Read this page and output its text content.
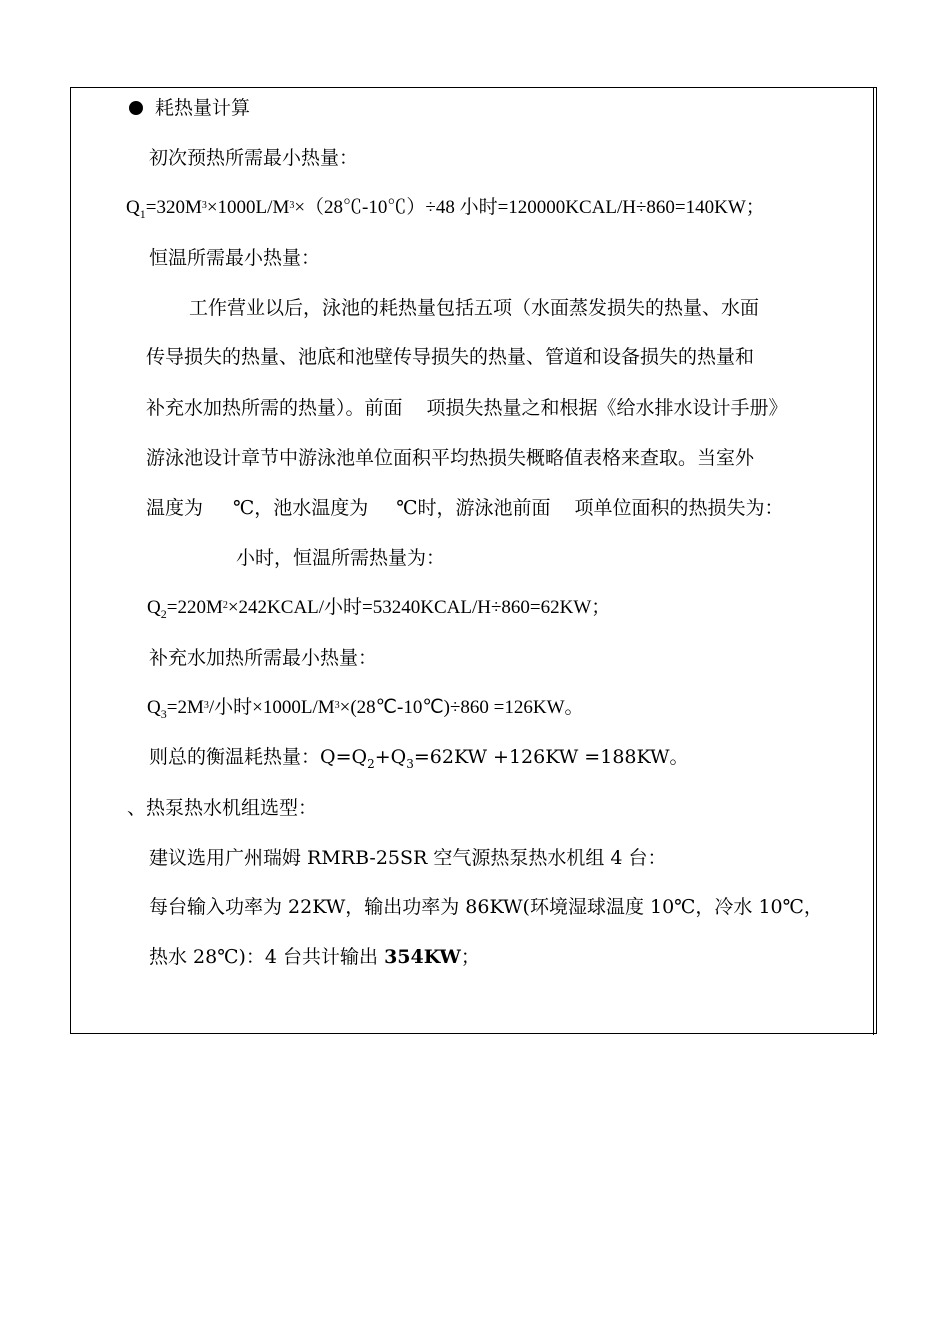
耗热量计算
初次预热所需最小热量：
$Q_1=320M^3\times 1000L/M^3\times(28℃-10℃)\div 48$ 小时=120000KCAL/H÷860=140KW；
恒温所需最小热量：
工作营业以后，泳池的耗热量包括五项（水面蒸发损失的热量、水面
传导损失的热量、池底和池壁传导损失的热量、管道和设备损失的热量和
补充水加热所需的热量）。前面 项损失热量之和根据《给水排水设计手册》
游泳池设计章节中游泳池单位面积平均热损失概略值表格来查取。当室外
温度为 ℃，池水温度为 ℃时，游泳池前面 项单位面积的热损失为：
小时，恒温所需热量为：
$Q_2=220M^2\times 242KCAL/$小时=53240KCAL/H÷860=62KW；
补充水加热所需最小热量：
$Q_3=2M^3/$小时$\times 1000L/M^3\times(28℃-10℃)\div 860 =126KW$。
则总的衡温耗热量：$Q=Q_2+Q_3=62KW +126KW =188KW$。
、热泵热水机组选型：
建议选用广州瑞姆 RMRB-25SR 空气源热泵热水机组 4 台：
每台输入功率为 22KW，输出功率为 86KW(环境湿球温度 10℃，冷水 10℃，
热水 28℃)：4 台共计输出 354KW；
